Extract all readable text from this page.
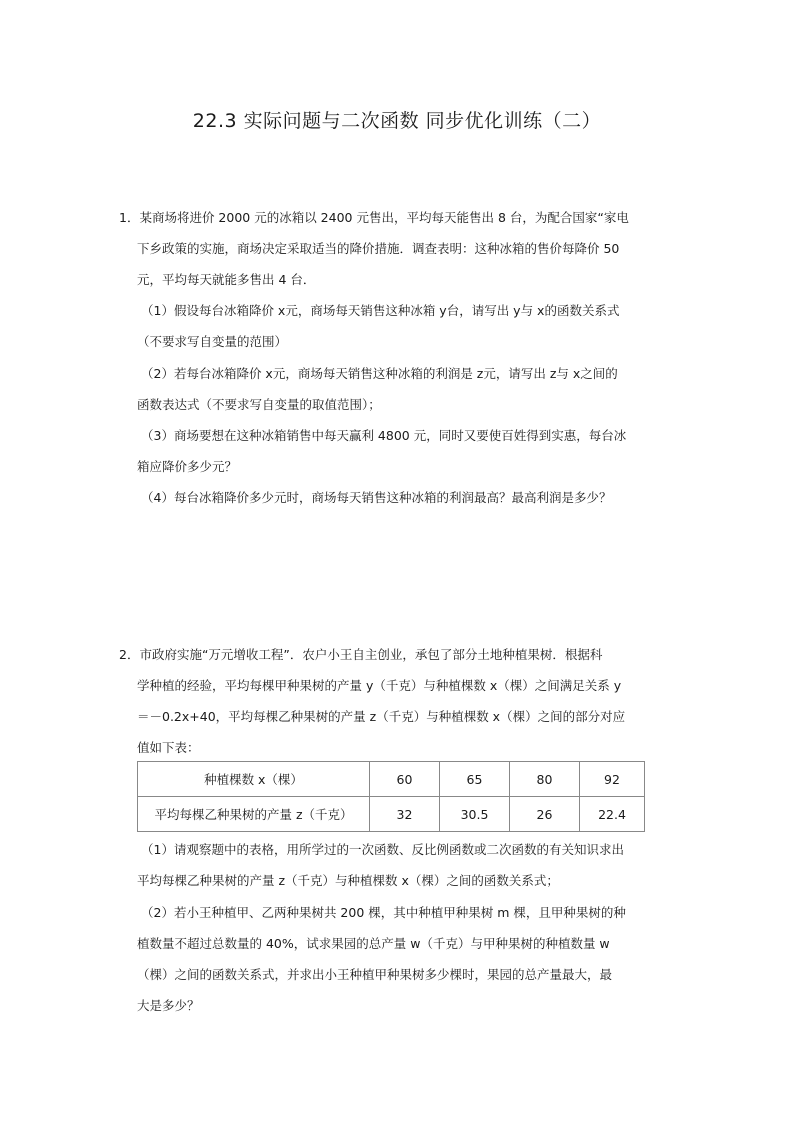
22.3 实际问题与二次函数 同步优化训练（二）
1．某商场将进价 2000 元的冰箱以 2400 元售出，平均每天能售出 8 台，为配合国家“家电
下乡政策的实施，商场决定采取适当的降价措施．调查表明：这种冰箱的售价每降价 50
元，平均每天就能多售出 4 台．
（1）假设每台冰箱降价 x元，商场每天销售这种冰箱 y台，请写出 y与 x的函数关系式
（不要求写自变量的范围）
（2）若每台冰箱降价 x元，商场每天销售这种冰箱的利润是 z元，请写出 z与 x之间的
函数表达式（不要求写自变量的取值范围）；
（3）商场要想在这种冰箱销售中每天赢利 4800 元，同时又要使百姓得到实惠，每台冰
箱应降价多少元？
（4）每台冰箱降价多少元时，商场每天销售这种冰箱的利润最高？最高利润是多少？
2．市政府实施“万元增收工程”．农户小王自主创业，承包了部分土地种植果树．根据科
学种植的经验，平均每棵甲种果树的产量 y（千克）与种植棵数 x（棵）之间满足关系 y
＝－0.2x+40，平均每棵乙种果树的产量 z（千克）与种植棵数 x（棵）之间的部分对应
值如下表：
种植棵数 x（棵）	60	65	80	92
平均每棵乙种果树的产量 z（千克）	32	30.5	26	22.4
（1）请观察题中的表格，用所学过的一次函数、反比例函数或二次函数的有关知识求出
平均每棵乙种果树的产量 z（千克）与种植棵数 x（棵）之间的函数关系式；
（2）若小王种植甲、乙两种果树共 200 棵，其中种植甲种果树 m 棵，且甲种果树的种
植数量不超过总数量的 40%，试求果园的总产量 w（千克）与甲种果树的种植数量 w
（棵）之间的函数关系式，并求出小王种植甲种果树多少棵时，果园的总产量最大，最
大是多少？
